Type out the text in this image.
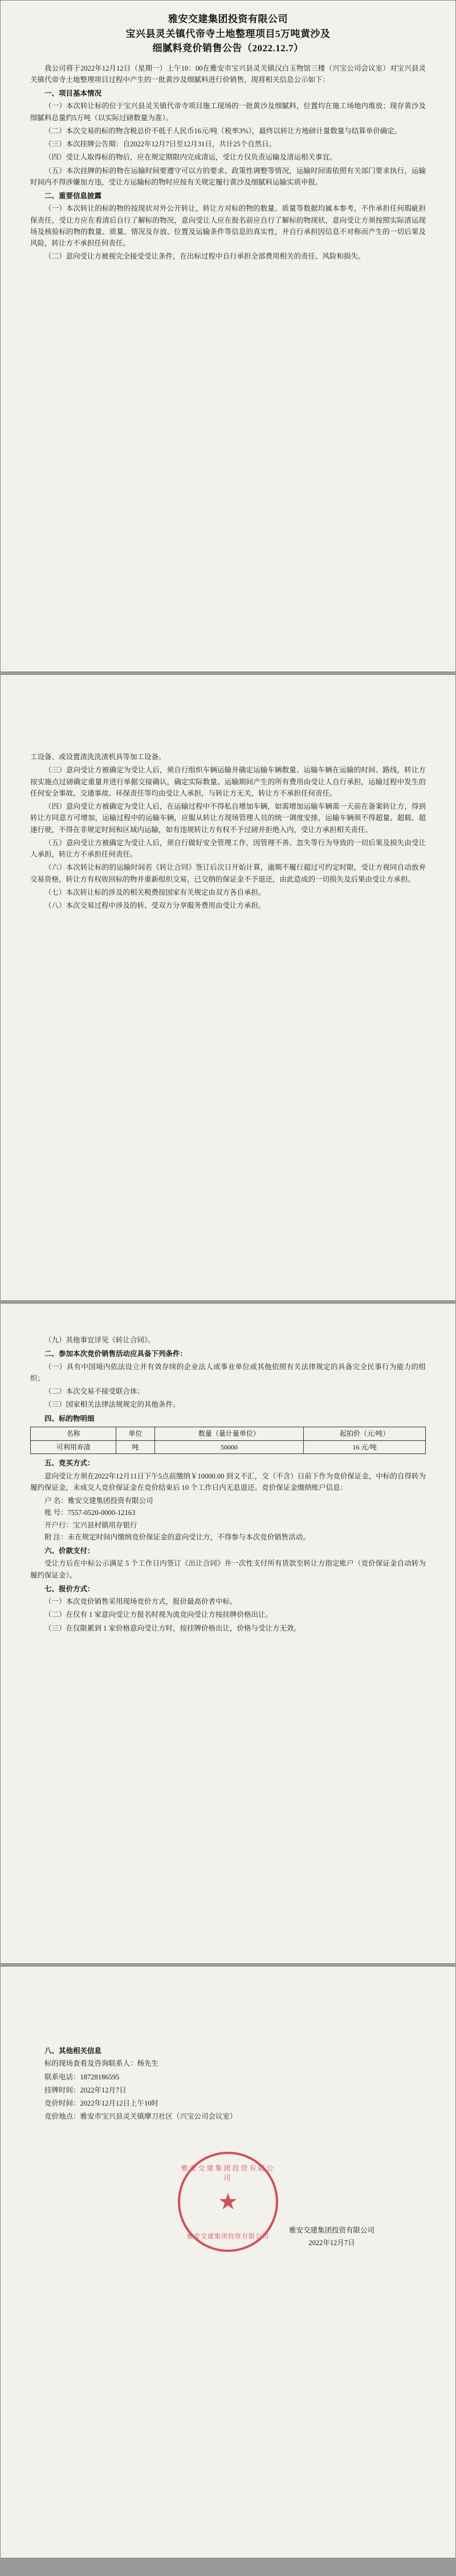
雅安交建集团投资有限公司
宝兴县灵关镇代帝寺土地整理项目5万吨黄沙及
细腻料竞价销售公告（2022.12.7）

我公司将于2022年12月12日（星期一）上午10：00在雅安市宝兴县灵关镇汉白玉物馆三楼（兴宝公司会议室）对宝兴县灵关镇代帝寺土地整理项目过程中产生的一批黄沙及细腻料进行价销售，现将相关信息公示如下：

一、项目基本情况

（一）本次转让标的位于宝兴县灵关镇代帝寺项目施工现场的一批黄沙及细腻料，位置均在施工场地内堆放；现存黄沙及细腻料总量约5万吨（以实际过磅数量为准）。

（二）本次交易的标的物含税总价不低于人民币16元/吨（税率3%），最终以转让方地磅计量数量与结算单价确定。

（三）本次挂牌公告期：自2022年12月7日至12月31日，共计25个自然日。

（四）受让人取得标的物后，应在规定期限内完成清运，受让方仅负责运输及清运相关事宜。

（五）本次挂牌的标的物在运输时间要遵守可以方的要求、政策性调整等情况，运输时间需依照有关部门要求执行，运输时间内不得涉嫌加方违，受让方运输标的物时应按有关规定履行黄沙及细腻料运输实质申报。

二、重要信息披露

（一）本次转让的标的物的按现状对外公开转让，转让方对标的物的数量、质量等数据均属本参考，不作承担任何瑕疵担保责任，受让方应在看清后自行了解标的物况，意向受让人应在报名前应自行了解标的物现状，意向受让方须按照实际清运现场及核验标的物的数量、质量、情况及存放、位置及运输条件等信息的真实性，并自行承担因信息不对称而产生的一切后果及风险，转让方不承担任何责任。

（二）意向受让方被视完全接受受让条件，在出标过程中自行承担全部费用相关的责任、风险和损失。

工设备、或设置渣洗洗渣机具等加工设备。

（三）意向受让方被确定为受让人后，须自行组织车辆运输并确定运输车辆数量、运输车辆在运输的时间、路线，转让方按实施点过磅确定重量并进行单据交接确认，确定实际数量。运输期间产生的所有费用由受让人自行承担，运输过程中发生的任何安全事故、交通事故、环保责任等均由受让人承担，与转让方无关，转让方不承担任何责任。

（四）意向受让方被确定为受让人后，在运输过程中不得私自增加车辆，如需增加运输车辆需一天前在备案转让方，得到转让方同意方可增加，运输过程中的运输车辆，应服从转让方现场管理人员的统一调度安排，运输车辆须不得超量、超载、超速行驶，不得在非规定时间和区域内运输，如有违规转让方有权不予过磅并拒绝入内，受让方承担相关责任。

（五）意向受让方被确定为受让人后，须自行做好安全管理工作，因管理不善、忽失等行为导致的一切后果及损失由受让人承担，转让方不承担任何责任。

（六）本次转让标的的运输时间若《转让合同》签订后次日开始计算，逾期不履行超过可约定时限，受让方视同自动放弃交易资格，转让方有权收回标的物并重新组织交易，已交纳的保证金不予退还，由此造成的一切损失及后果由受让方承担。

（七）本次转让标的涉及的相关税费按国家有关规定由双方各自承担。

（八）本次交易过程中涉及的转、受双方分享服务费用由受让方承担。

（九）其他事宜详见《转让合同》。

二、参加本次竞价销售活动应具备下列条件：

（一）具有中国境内依法设立并有效存续的企业法人或事业单位或其他依照有关法律规定的具备完全民事行为能力的组织；

（二）本次交易不接受联合体；

（三）国家相关法律法规规定的其他条件。

四、标的物明细

名称	单位	数量（量计量单位）	起拍价（元/吨）
可利用弃渣	吨	50000	16 元/吨

五、竞买方式：

意向受让方须在2022年12月11日下午5点前缴纳￥10000.00 到义不汇，交（不含）日前下作为竞价保证金，中标的自得转为履约保证金，未成交人竞价保证金在竞价结束后 10 个工作日内无息退还。竞价保证金缴纳账户信息：

户 名：雅安交建集团投资有限公司

账 号：7557-0520-0000-12163

开户行：宝兴县村镇用存银行

附 注：未在规定时间内缴纳竞价保证金的意向受让方，不得参与本次竞价销售活动。

六、价款支付：

受让方后在中标公示满足 5 个工作日内签订《出让合同》并一次性支付所有货款至转让方指定账户（竞价保证金自动转为履约保证金）。

七、报价方式：

（一）本次竞价销售采用现场竞价方式，报价最高价者中标。

（二）在仅有 1 家意向受让方报名时视为流竞向受让方按挂牌价格出让。

（三）在仅限累到 1 家价格意向受让方时，按挂牌价格出让，价格与受让方无效。

八、其他相关信息

标的现场查看及咨询联系人：杨先生

联系电话：18728186595

挂牌时间：2022年12月7日

竞价时间：2022年12月12日上午10时

竞价地点：雅安市宝兴县灵关镇摩刀社区（兴宝公司会议室）

雅安交建集团投资有限公司
★
雅安交建集团投资有限公司
雅安交建集团投资有限公司
2022年12月7日
